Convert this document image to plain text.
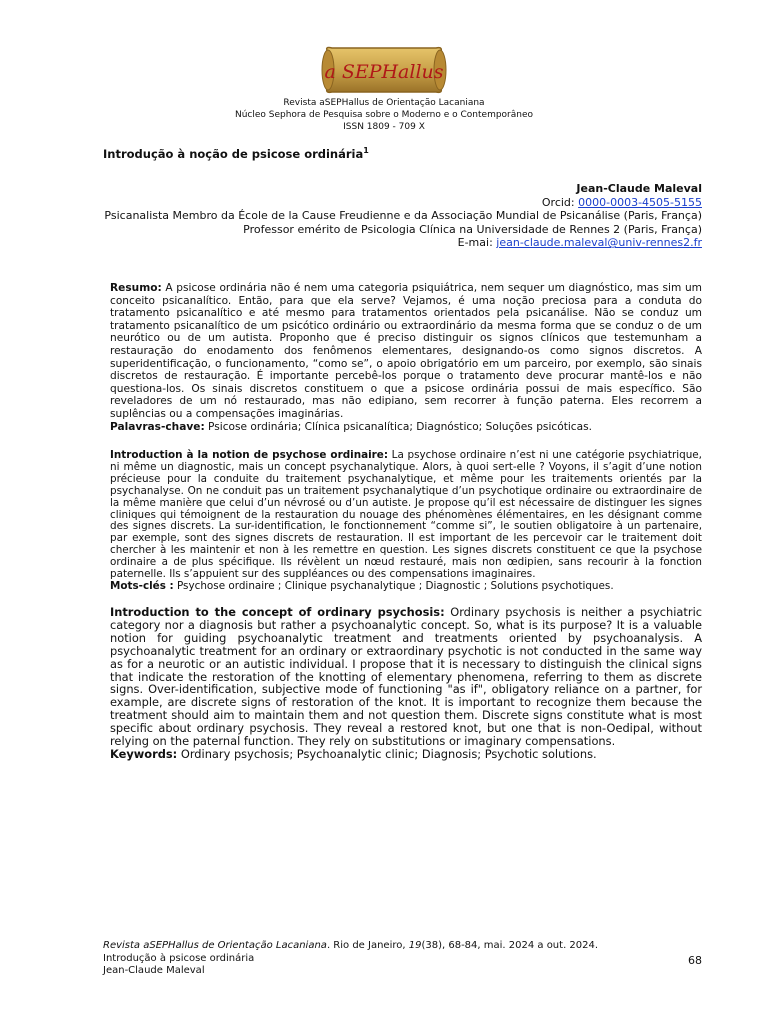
a SEPHallus
Revista aSEPHallus de Orientação Lacaniana
Núcleo Sephora de Pesquisa sobre o Moderno e o Contemporâneo
ISSN 1809 - 709 X
Introdução à noção de psicose ordinária$^1$
Jean-Claude Maleval
Orcid: 0000-0003-4505-5155
Psicanalista Membro da École de la Cause Freudienne e da Associação Mundial de Psicanálise (Paris, França)
Professor emérito de Psicologia Clínica na Universidade de Rennes 2 (Paris, França)
E-mai: jean-claude.maleval@univ-rennes2.fr
Resumo: A psicose ordinária não é nem uma categoria psiquiátrica, nem sequer um diagnóstico, mas sim um conceito psicanalítico. Então, para que ela serve? Vejamos, é uma noção preciosa para a conduta do tratamento psicanalítico e até mesmo para tratamentos orientados pela psicanálise. Não se conduz um tratamento psicanalítico de um psicótico ordinário ou extraordinário da mesma forma que se conduz o de um neurótico ou de um autista. Proponho que é preciso distinguir os signos clínicos que testemunham a restauração do enodamento dos fenômenos elementares, designando-os como signos discretos. A superidentificação, o funcionamento, “como se”, o apoio obrigatório em um parceiro, por exemplo, são sinais discretos de restauração. É importante percebê-los porque o tratamento deve procurar mantê-los e não questiona-los. Os sinais discretos constituem o que a psicose ordinária possui de mais específico. São reveladores de um nó restaurado, mas não edipiano, sem recorrer à função paterna. Eles recorrem a suplências ou a compensações imaginárias.
Palavras-chave: Psicose ordinária; Clínica psicanalítica; Diagnóstico; Soluções psicóticas.
Introduction à la notion de psychose ordinaire: La psychose ordinaire n’est ni une catégorie psychiatrique, ni même un diagnostic, mais un concept psychanalytique. Alors, à quoi sert-elle ? Voyons, il s’agit d’une notion précieuse pour la conduite du traitement psychanalytique, et même pour les traitements orientés par la psychanalyse. On ne conduit pas un traitement psychanalytique d’un psychotique ordinaire ou extraordinaire de la même manière que celui d’un névrosé ou d’un autiste. Je propose qu’il est nécessaire de distinguer les signes cliniques qui témoignent de la restauration du nouage des phénomènes élémentaires, en les désignant comme des signes discrets. La sur-identification, le fonctionnement “comme si”, le soutien obligatoire à un partenaire, par exemple, sont des signes discrets de restauration. Il est important de les percevoir car le traitement doit chercher à les maintenir et non à les remettre en question. Les signes discrets constituent ce que la psychose ordinaire a de plus spécifique. Ils révèlent un nœud restauré, mais non œdipien, sans recourir à la fonction paternelle. Ils s’appuient sur des suppléances ou des compensations imaginaires.
Mots-clés : Psychose ordinaire ; Clinique psychanalytique ; Diagnostic ; Solutions psychotiques.
Introduction to the concept of ordinary psychosis: Ordinary psychosis is neither a psychiatric category nor a diagnosis but rather a psychoanalytic concept. So, what is its purpose? It is a valuable notion for guiding psychoanalytic treatment and treatments oriented by psychoanalysis. A psychoanalytic treatment for an ordinary or extraordinary psychotic is not conducted in the same way as for a neurotic or an autistic individual. I propose that it is necessary to distinguish the clinical signs that indicate the restoration of the knotting of elementary phenomena, referring to them as discrete signs. Over-identification, subjective mode of functioning "as if", obligatory reliance on a partner, for example, are discrete signs of restoration of the knot. It is important to recognize them because the treatment should aim to maintain them and not question them. Discrete signs constitute what is most specific about ordinary psychosis. They reveal a restored knot, but one that is non-Oedipal, without relying on the paternal function. They rely on substitutions or imaginary compensations.
Keywords: Ordinary psychosis; Psychoanalytic clinic; Diagnosis; Psychotic solutions.
Revista aSEPHallus de Orientação Lacaniana. Rio de Janeiro, 19(38), 68-84, mai. 2024 a out. 2024.
Introdução à psicose ordinária
Jean-Claude Maleval
68
